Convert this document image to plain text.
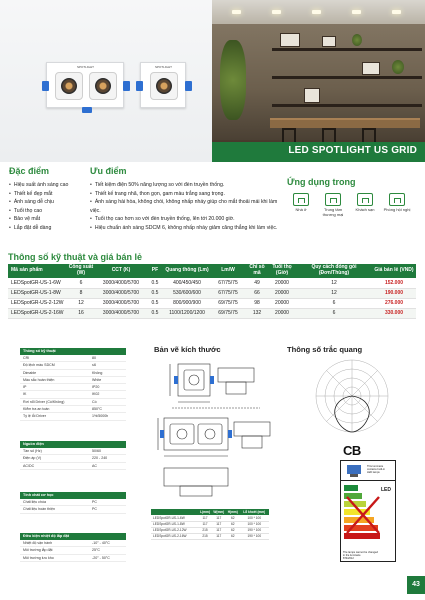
SPOTLIGHT	SPOTLIGHT
LED SPOTLIGHT US GRID
Đặc điểm
• Hiệu suất ánh sáng cao
• Thiết kế đẹp mắt
• Ánh sáng dễ chịu
• Tuổi thọ cao
• Bảo vệ mắt
• Lắp đặt dễ dàng
Ưu điểm
• Tiết kiệm điện 50% năng lượng so với đèn truyền thống.
• Thiết kế trang nhã, thon gọn, gam màu trắng sang trọng.
• Ánh sáng hài hòa, không chói, không nhấp nháy giúp cho mắt thoải mái khi làm việc.
• Tuổi thọ cao hơn so với đèn truyền thống, lên tới 20.000 giờ.
• Hiệu chuẩn ánh sáng SDCM 6, không nhấp nháy giảm căng thẳng khi làm việc.
Ứng dụng trong
Nhà ở	Trung tâm thương mại
Khách sạn	Phòng hội nghị
Thông số kỹ thuật và giá bán lẻ
Mã sản phẩm	Công suất (W)	CCT (K)	PF	Quang thông (Lm)	Lm/W	Chỉ số mã	Tuổi thọ (Giờ)	Quy cách đóng gói (Đơn/Thùng)	Giá bán lẻ (VND)
LEDSpotGR-US-1-6W	6	3000/4000/5700	0.5	400/450/450	67/75/75	49	20000	12	152.000
LEDSpotGR-US-1-8W	8	3000/4000/5700	0.5	530/600/600	67/75/75	66	20000	12	190.000
LEDSpotGR-US-2-12W	12	3000/4000/5700	0.5	800/900/900	69/75/75	98	20000	6	276.000
LEDSpotGR-US-2-16W	16	3000/4000/5700	0.5	1100/1200/1200	69/75/75	132	20000	6	330.000
Thông số kỹ thuật
CRI	80
Độ lệch màu SDCM	≤6
Dimable	Không
Màu sắc hoàn thiện	White
IP	IP20
IK	IK02
Rơi nổi Driver (Có/Không)	Có
Kiểm tra an toàn	850°C
Tỷ lệ lỗi Driver	1%/5000h
Nguồn điện
Tần số (Hz)	50/60
Điện áp (V)	220 - 240
AC/DC	AC
Tính chất cơ học
Chất liệu chóa	PC
Chất liệu hoàn thiện	PC
Điều kiện nhiệt độ lắp đặt
Nhiệt độ vận hành	-10° - 40°C
Môi trường lắp đặt	25°C
Môi trường lưu kho	-20° - 50°C
Bản vẽ kích thước
	L(mm)	W(mm)	H(mm)	Lỗ khoét (mm)
LEDSpotGR-US-1-6W	117	117	62	100 * 100
LEDSpotGR-US-1-8W	117	117	62	100 * 100
LEDSpotGR-US-2-12W	215	117	62	190 * 100
LEDSpotGR-US-2-16W	215	117	62	190 * 100
Thông số trắc quang
CB
This luminaire
contains built-in
LED lamps
LED
The lamps cannot be changed
in the luminaire
874/2012
43
